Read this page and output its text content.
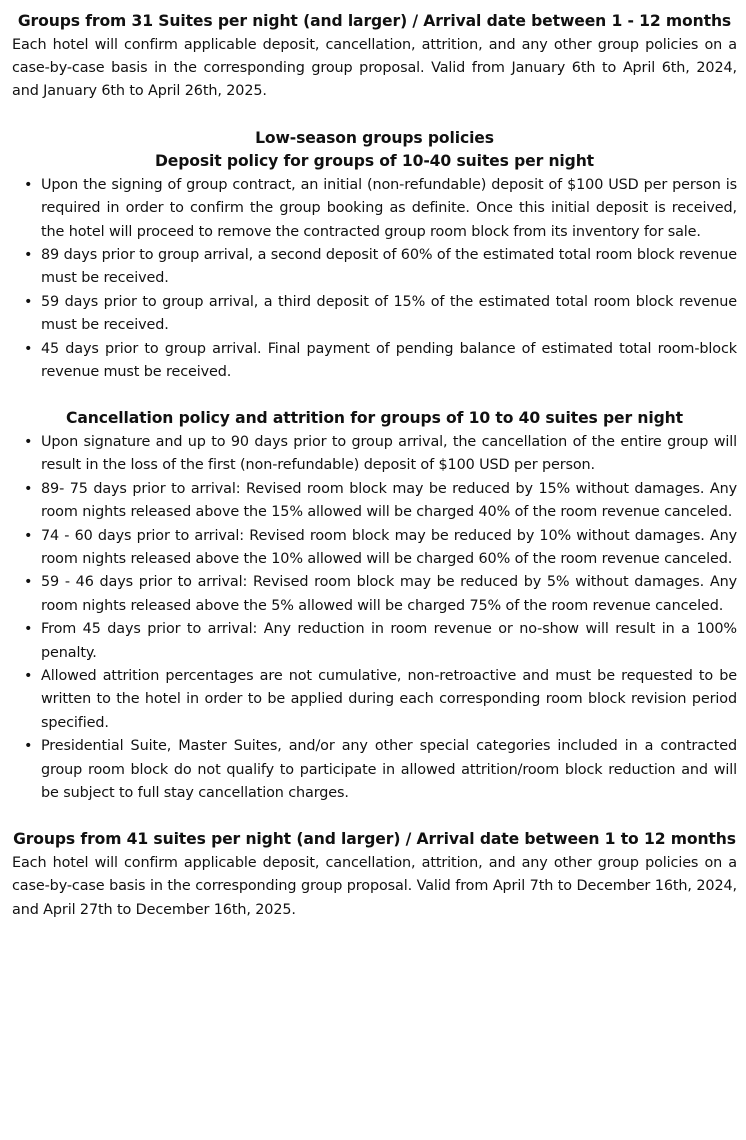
Groups from 31 Suites per night (and larger) / Arrival date between 1 - 12 months

Each hotel will confirm applicable deposit, cancellation, attrition, and any other group policies on a case-by-case basis in the corresponding group proposal. Valid from January 6th to April 6th, 2024, and January 6th to April 26th, 2025.

Low-season groups policies
Deposit policy for groups of 10-40 suites per night
• Upon the signing of group contract, an initial (non-refundable) deposit of $100 USD per person is required in order to confirm the group booking as definite. Once this initial deposit is received, the hotel will proceed to remove the contracted group room block from its inventory for sale.
• 89 days prior to group arrival, a second deposit of 60% of the estimated total room block revenue must be received.
• 59 days prior to group arrival, a third deposit of 15% of the estimated total room block revenue must be received.
• 45 days prior to group arrival. Final payment of pending balance of estimated total room-block revenue must be received.
Cancellation policy and attrition for groups of 10 to 40 suites per night
• Upon signature and up to 90 days prior to group arrival, the cancellation of the entire group will result in the loss of the first (non-refundable) deposit of $100 USD per person.
• 89- 75 days prior to arrival: Revised room block may be reduced by 15% without damages. Any room nights released above the 15% allowed will be charged 40% of the room revenue canceled.
• 74 - 60 days prior to arrival: Revised room block may be reduced by 10% without damages. Any room nights released above the 10% allowed will be charged 60% of the room revenue canceled.
• 59 - 46 days prior to arrival: Revised room block may be reduced by 5% without damages. Any room nights released above the 5% allowed will be charged 75% of the room revenue canceled.
• From 45 days prior to arrival: Any reduction in room revenue or no-show will result in a 100% penalty.
• Allowed attrition percentages are not cumulative, non-retroactive and must be requested to be written to the hotel in order to be applied during each corresponding room block revision period specified.
• Presidential Suite, Master Suites, and/or any other special categories included in a contracted group room block do not qualify to participate in allowed attrition/room block reduction and will be subject to full stay cancellation charges.
Groups from 41 suites per night (and larger) / Arrival date between 1 to 12 months

Each hotel will confirm applicable deposit, cancellation, attrition, and any other group policies on a case-by-case basis in the corresponding group proposal. Valid from April 7th to December 16th, 2024, and April 27th to December 16th, 2025.
